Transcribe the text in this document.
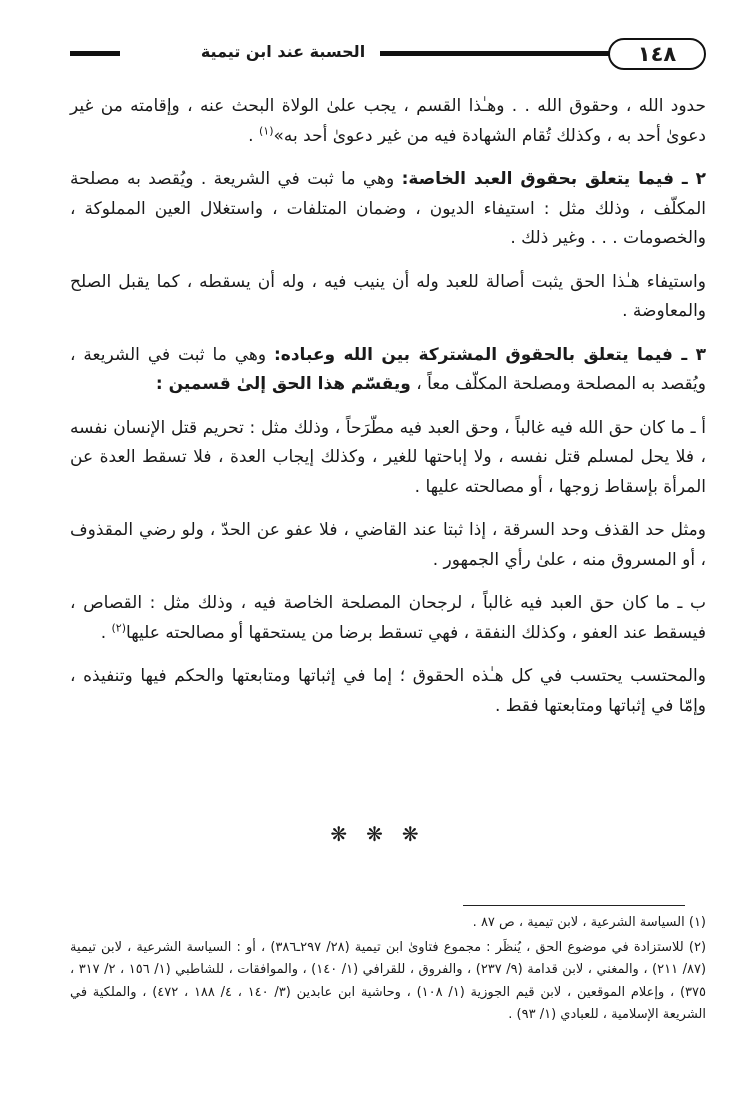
١٤٨
الحسبة عند ابن تيمية

حدود الله ، وحقوق الله . . وهـٰذا القسم ، يجب علىٰ الولاة البحث عنه ، وإقامته من غير دعوىٰ أحد به ، وكذلك تُقام الشهادة فيه من غير دعوىٰ أحد به»$^{(١)}$ .

٢ ـ فيما يتعلق بحقوق العبد الخاصة: وهي ما ثبت في الشريعة . ويُقصد به مصلحة المكلّف ، وذلك مثل : استيفاء الديون ، وضمان المتلفات ، واستغلال العين المملوكة ، والخصومات . . . وغير ذلك .

واستيفاء هـٰذا الحق يثبت أصالة للعبد وله أن ينيب فيه ، وله أن يسقطه ، كما يقبل الصلح والمعاوضة .

٣ ـ فيما يتعلق بالحقوق المشتركة بين الله وعباده: وهي ما ثبت في الشريعة ، ويُقصد به المصلحة ومصلحة المكلّف معاً ، ويقسّم هذا الحق إلىٰ قسمين :

أ ـ ما كان حق الله فيه غالباً ، وحق العبد فيه مطّرَحاً ، وذلك مثل : تحريم قتل الإنسان نفسه ، فلا يحل لمسلم قتل نفسه ، ولا إباحتها للغير ، وكذلك إيجاب العدة ، فلا تسقط العدة عن المرأة بإسقاط زوجها ، أو مصالحته عليها .

ومثل حد القذف وحد السرقة ، إذا ثبتا عند القاضي ، فلا عفو عن الحدّ ، ولو رضي المقذوف ، أو المسروق منه ، علىٰ رأي الجمهور .

ب ـ ما كان حق العبد فيه غالباً ، لرجحان المصلحة الخاصة فيه ، وذلك مثل : القصاص ، فيسقط عند العفو ، وكذلك النفقة ، فهي تسقط برضا من يستحقها أو مصالحته عليها$^{(٢)}$ .

والمحتسب يحتسب في كل هـٰذه الحقوق ؛ إما في إثباتها ومتابعتها والحكم فيها وتنفيذه ، وإمّا في إثباتها ومتابعتها فقط .

❋ ❋ ❋

(١) السياسة الشرعية ، لابن تيمية ، ص ٨٧ .

(٢) للاستزادة في موضوع الحق ، يُنظَر : مجموع فتاوىٰ ابن تيمية (٢٨/ ٢٩٧ـ٣٨٦) ، أو : السياسة الشرعية ، لابن تيمية (٨٧/ ٢١١) ، والمغني ، لابن قدامة (٩/ ٢٣٧) ، والفروق ، للقرافي (١/ ١٤٠) ، والموافقات ، للشاطبي (١/ ١٥٦ ، ٢/ ٣١٧ ، ٣٧٥) ، وإعلام الموقعين ، لابن قيم الجوزية (١/ ١٠٨) ، وحاشية ابن عابدين (٣/ ١٤٠ ، ٤/ ١٨٨ ، ٤٧٢) ، والملكية في الشريعة الإسلامية ، للعبادي (١/ ٩٣) .
